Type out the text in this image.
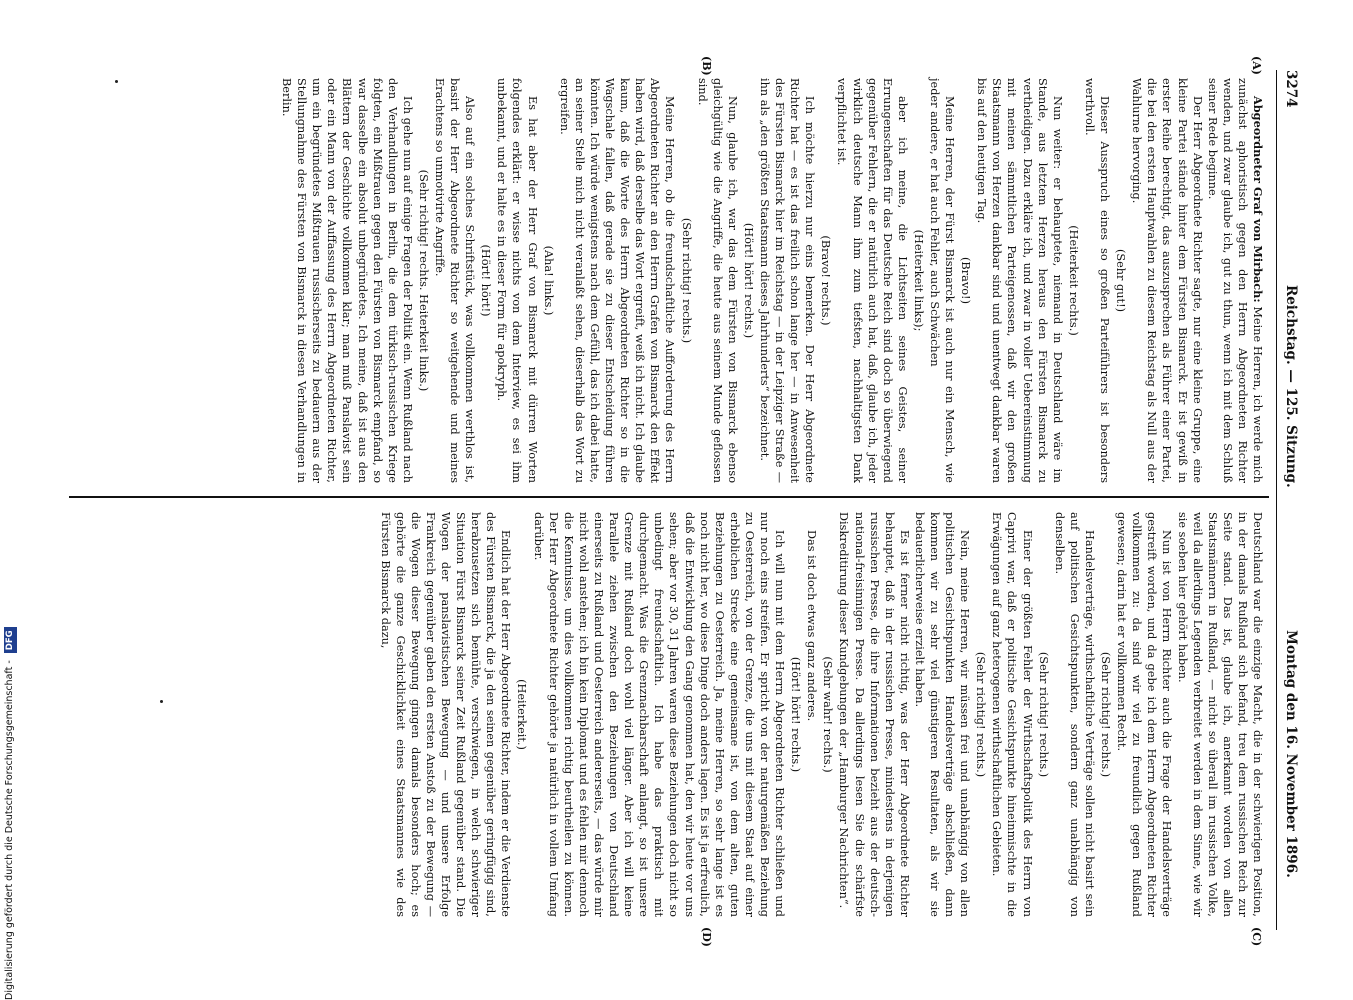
3274
Reichstag. — 125. Sitzung.
Montag den 16. November 1896.
(A)
(B)
(C)
(D)

Abgeordneter Graf von Mirbach: Meine Herren, ich werde mich zunächst aphoristisch gegen den Herrn Abgeordneten Richter wenden, und zwar glaube ich, gut zu thun, wenn ich mit dem Schluß seiner Rede beginne.

Der Herr Abgeordnete Richter sagte, nur eine kleine Gruppe, eine kleine Partei stände hinter dem Fürsten Bismarck. Er ist gewiß in erster Reihe berechtigt, das auszusprechen als Führer einer Partei, die bei den ersten Hauptwahlen zu diesem Reichstag als Null aus der Wahlurne hervorging.

(Sehr gut!)

Dieser Ausspruch eines so großen Parteiführers ist besonders werthvoll.

(Heiterkeit rechts.)

Nun weiter: er behauptete, niemand in Deutschland wäre im Stande, aus letztem Herzen heraus den Fürsten Bismarck zu vertheidigen. Dazu erkläre ich, und zwar in voller Uebereinstimmung mit meinen sämmtlichen Parteigenossen, daß wir den großen Staatsmann von Herzen dankbar sind und unentwegt dankbar waren bis auf den heutigen Tag.

(Bravo!)

Meine Herren, der Fürst Bismarck ist auch nur ein Mensch, wie jeder andere, er hat auch Fehler, auch Schwächen

(Heiterkeit links);

aber ich meine, die Lichtseiten seines Geistes, seiner Errungenschaften für das Deutsche Reich sind doch so überwiegend gegenüber Fehlern, die er natürlich auch hat, daß, glaube ich, jeder wirklich deutsche Mann ihm zum tiefsten, nachhaltigsten Dank verpflichtet ist.

(Bravo! rechts.)

Ich möchte hierzu nur eins bemerken. Der Herr Abgeordnete Richter hat — es ist das freilich schon lange her — in Anwesenheit des Fürsten Bismarck hier im Reichstag — in der Leipziger Straße — ihn als „den größten Staatsmann dieses Jahrhunderts“ bezeichnet.

(Hört! hört! rechts.)

Nun, glaube ich, war das dem Fürsten von Bismarck ebenso gleichgültig wie die Angriffe, die heute aus seinem Munde geflossen sind.

(Sehr richtig! rechts.)

Meine Herren, ob die freundschaftliche Aufforderung des Herrn Abgeordneten Richter an den Herrn Grafen von Bismarck den Effekt haben wird, daß derselbe das Wort ergreift, weiß ich nicht. Ich glaube kaum, daß die Worte des Herrn Abgeordneten Richter so in die Wagschale fallen, daß gerade sie zu dieser Entscheidung führen könnten. Ich würde wenigstens nach dem Gefühl, das ich dabei hatte, an seiner Stelle mich nicht veranlaßt sehen, dieserhalb das Wort zu ergreifen.

(Aha! links.)

Es hat aber der Herr Graf von Bismarck mit dürren Worten folgendes erklärt: er wisse nichts von dem Interview, es sei ihm unbekannt, und er halte es in dieser Form für apokryph.

(Hört! hört!)

Also auf ein solches Schriftstück, was vollkommen werthlos ist, basirt der Herr Abgeordnete Richter so weitgehende und meines Erachtens so unmotivirte Angriffe.

(Sehr richtig! rechts. Heiterkeit links.)

Ich gehe nun auf einige Fragen der Politik ein. Wenn Rußland nach den Verhandlungen in Berlin, die dem türkisch-russischen Kriege folgten, ein Mißtrauen gegen den Fürsten von Bismarck empfand, so war dasselbe ein absolut unbegründetes. Ich meine, daß ist aus den Blättern der Geschichte vollkommen klar; man muß Panslavist sein oder ein Mann von der Auffassung des Herrn Abgeordneten Richter, um ein begründetes Mißtrauen russischerseits zu bedauern aus der Stellungnahme des Fürsten von Bismarck in diesen Verhandlungen in Berlin.

Deutschland war die einzige Macht, die in der schwierigen Position, in der damals Rußland sich befand, treu dem russischen Reich zur Seite stand. Das ist, glaube ich, anerkannt worden von allen Staatsmännern in Rußland, — nicht so überall im russischen Volke, weil da allerdings Legenden verbreitet werden in dem Sinne, wie wir sie soeben hier gehört haben.

Nun ist von Herrn Richter auch die Frage der Handelsverträge gestreift worden, und da gebe ich dem Herrn Abgeordneten Richter vollkommen zu: da sind wir viel zu freundlich gegen Rußland gewesen; darin hat er vollkommen Recht.

(Sehr richtig! rechts.)

Handelsverträge, wirthschaftliche Verträge sollen nicht basirt sein auf politischen Gesichtspunkten, sondern ganz unabhängig von denselben.

(Sehr richtig! rechts.)

Einer der größten Fehler der Wirthschaftspolitik des Herrn von Caprivi war, daß er politische Gesichtspunkte hineinmischte in die Erwägungen auf ganz heterogenen wirthschaftlichen Gebieten.

(Sehr richtig! rechts.)

Nein, meine Herren, wir müssen frei und unabhängig von allen politischen Gesichtspunkten Handelsverträge abschließen, dann kommen wir zu sehr viel günstigeren Resultaten, als wir sie bedauerlicherweise erzielt haben.

Es ist ferner nicht richtig, was der Herr Abgeordnete Richter behauptet, daß in der russischen Presse, mindestens in derjenigen russischen Presse, die ihre Informationen bezieht aus der deutsch-national-freisinnigen Presse. Da allerdings lesen Sie die schärfste Diskreditirung dieser Kundgebungen der „Hamburger Nachrichten“.

(Sehr wahr! rechts.)

Das ist doch etwas ganz anderes.

(Hört! hört! rechts.)

Ich will nun mit dem Herrn Abgeordneten Richter schließen und nur noch eins streifen. Er spricht von der naturgemäßen Beziehung zu Oesterreich, von der Grenze, die uns mit diesem Staat auf einer erheblichen Strecke eine gemeinsame ist, von dem alten, guten Beziehungen zu Oesterreich. Ja, meine Herren, so sehr lange ist es noch nicht her, wo diese Dinge doch anders lagen. Es ist ja erfreulich, daß die Entwicklung den Gang genommen hat, den wir heute vor uns sehen; aber vor 30, 31 Jahren waren diese Beziehungen doch nicht so unbedingt freundschaftlich. Ich habe das praktisch mit durchgemacht. Was die Grenznachbarschaft anlangt, so ist unsere Grenze mit Rußland doch wohl viel länger. Aber ich will keine Parallele ziehen zwischen den Beziehungen von Deutschland einerseits zu Rußland und Oesterreich andererseits, — das würde mir nicht wohl anstehen; ich bin kein Diplomat und es fehlen mir dennoch die Kenntnisse, um dies vollkommen richtig beurtheilen zu können. Der Herr Abgeordnete Richter gehörte ja natürlich in vollem Umfang darüber.

(Heiterkeit.)

Endlich hat der Herr Abgeordnete Richter, indem er die Verdienste des Fürsten Bismarck, die ja den seinen gegenüber geringfügig sind, herabzusetzen sich bemühte, verschwiegen, in welch schwieriger Situation Fürst Bismarck seiner Zeit Rußland gegenüber stand. Die Wogen der panslavistischen Bewegung — und unsere Erfolge Frankreich gegenüber gaben den ersten Anstoß zu der Bewegung — die Wogen dieser Bewegung gingen damals besonders hoch; es gehörte die ganze Geschicklichkeit eines Staatsmannes wie des Fürsten Bismarck dazu,

Digitalisierung gefördert durch die Deutsche Forschungsgemeinschaft - DFG
